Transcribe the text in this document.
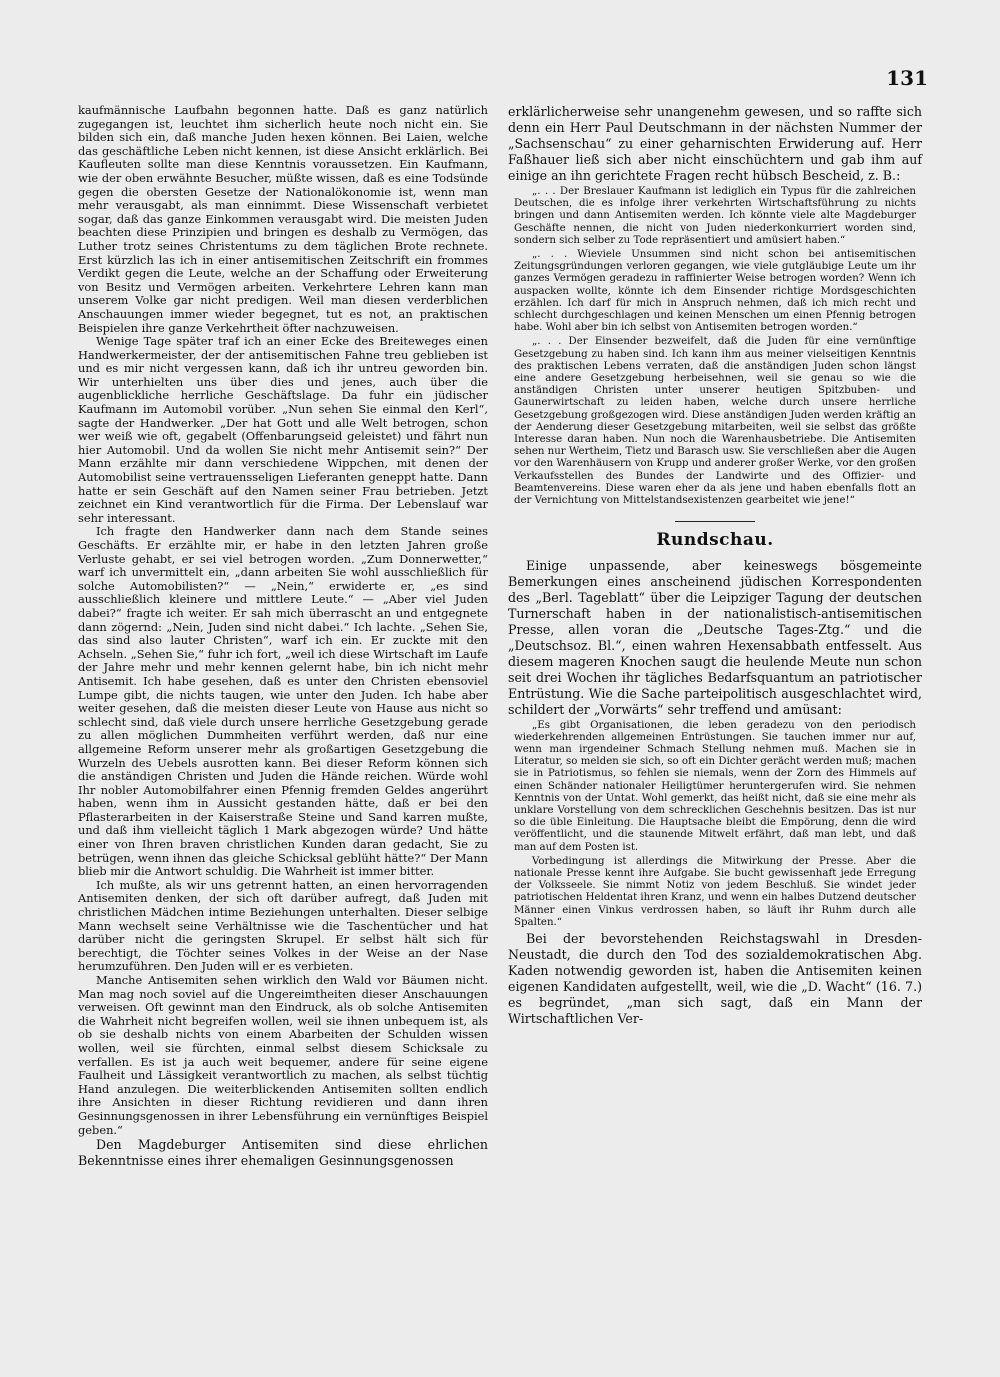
131

kaufmännische Laufbahn begonnen hatte. Daß es ganz natürlich zugegangen ist, leuchtet ihm sicherlich heute noch nicht ein. Sie bilden sich ein, daß manche Juden hexen können. Bei Laien, welche das geschäftliche Leben nicht kennen, ist diese Ansicht erklärlich. Bei Kaufleuten sollte man diese Kenntnis voraussetzen. Ein Kaufmann, wie der oben erwähnte Besucher, müßte wissen, daß es eine Todsünde gegen die obersten Gesetze der Nationalökonomie ist, wenn man mehr verausgabt, als man einnimmt. Diese Wissenschaft verbietet sogar, daß das ganze Einkommen verausgabt wird. Die meisten Juden beachten diese Prinzipien und bringen es deshalb zu Vermögen, das Luther trotz seines Christentums zu dem täglichen Brote rechnete. Erst kürzlich las ich in einer antisemitischen Zeitschrift ein frommes Verdikt gegen die Leute, welche an der Schaffung oder Erweiterung von Besitz und Vermögen arbeiten. Verkehrtere Lehren kann man unserem Volke gar nicht predigen. Weil man diesen verderblichen Anschauungen immer wieder begegnet, tut es not, an praktischen Beispielen ihre ganze Verkehrtheit öfter nachzuweisen.

Wenige Tage später traf ich an einer Ecke des Breiteweges einen Handwerkermeister, der der antisemitischen Fahne treu geblieben ist und es mir nicht vergessen kann, daß ich ihr untreu geworden bin. Wir unterhielten uns über dies und jenes, auch über die augenblickliche herrliche Geschäftslage. Da fuhr ein jüdischer Kaufmann im Automobil vorüber. „Nun sehen Sie einmal den Kerl“, sagte der Handwerker. „Der hat Gott und alle Welt betrogen, schon wer weiß wie oft, gegabelt (Offenbarungseid geleistet) und fährt nun hier Automobil. Und da wollen Sie nicht mehr Antisemit sein?“ Der Mann erzählte mir dann verschiedene Wippchen, mit denen der Automobilist seine vertrauensseligen Lieferanten geneppt hatte. Dann hatte er sein Geschäft auf den Namen seiner Frau betrieben. Jetzt zeichnet ein Kind verantwortlich für die Firma. Der Lebenslauf war sehr interessant.

Ich fragte den Handwerker dann nach dem Stande seines Geschäfts. Er erzählte mir, er habe in den letzten Jahren große Verluste gehabt, er sei viel betrogen worden. „Zum Donnerwetter,“ warf ich unvermittelt ein, „dann arbeiten Sie wohl ausschließlich für solche Automobilisten?“ — „Nein,“ erwiderte er, „es sind ausschließlich kleinere und mittlere Leute.“ — „Aber viel Juden dabei?“ fragte ich weiter. Er sah mich überrascht an und entgegnete dann zögernd: „Nein, Juden sind nicht dabei.“ Ich lachte. „Sehen Sie, das sind also lauter Christen“, warf ich ein. Er zuckte mit den Achseln. „Sehen Sie,“ fuhr ich fort, „weil ich diese Wirtschaft im Laufe der Jahre mehr und mehr kennen gelernt habe, bin ich nicht mehr Antisemit. Ich habe gesehen, daß es unter den Christen ebensoviel Lumpe gibt, die nichts taugen, wie unter den Juden. Ich habe aber weiter gesehen, daß die meisten dieser Leute von Hause aus nicht so schlecht sind, daß viele durch unsere herrliche Gesetzgebung gerade zu allen möglichen Dummheiten verführt werden, daß nur eine allgemeine Reform unserer mehr als großartigen Gesetzgebung die Wurzeln des Uebels ausrotten kann. Bei dieser Reform können sich die anständigen Christen und Juden die Hände reichen. Würde wohl Ihr nobler Automobilfahrer einen Pfennig fremden Geldes angerührt haben, wenn ihm in Aussicht gestanden hätte, daß er bei den Pflasterarbeiten in der Kaiserstraße Steine und Sand karren mußte, und daß ihm vielleicht täglich 1 Mark abgezogen würde? Und hätte einer von Ihren braven christlichen Kunden daran gedacht, Sie zu betrügen, wenn ihnen das gleiche Schicksal geblüht hätte?“ Der Mann blieb mir die Antwort schuldig. Die Wahrheit ist immer bitter.

Ich mußte, als wir uns getrennt hatten, an einen hervorragenden Antisemiten denken, der sich oft darüber aufregt, daß Juden mit christlichen Mädchen intime Beziehungen unterhalten. Dieser selbige Mann wechselt seine Verhältnisse wie die Taschentücher und hat darüber nicht die geringsten Skrupel. Er selbst hält sich für berechtigt, die Töchter seines Volkes in der Weise an der Nase herumzuführen. Den Juden will er es verbieten.

Manche Antisemiten sehen wirklich den Wald vor Bäumen nicht. Man mag noch soviel auf die Ungereimtheiten dieser Anschauungen verweisen. Oft gewinnt man den Eindruck, als ob solche Antisemiten die Wahrheit nicht begreifen wollen, weil sie ihnen unbequem ist, als ob sie deshalb nichts von einem Abarbeiten der Schulden wissen wollen, weil sie fürchten, einmal selbst diesem Schicksale zu verfallen. Es ist ja auch weit bequemer, andere für seine eigene Faulheit und Lässigkeit verantwortlich zu machen, als selbst tüchtig Hand anzulegen. Die weiterblickenden Antisemiten sollten endlich ihre Ansichten in dieser Richtung revidieren und dann ihren Gesinnungsgenossen in ihrer Lebensführung ein vernünftiges Beispiel geben.“

Den Magdeburger Antisemiten sind diese ehrlichen Bekenntnisse eines ihrer ehemaligen Gesinnungsgenossen

erklärlicherweise sehr unangenehm gewesen, und so raffte sich denn ein Herr Paul Deutschmann in der nächsten Nummer der „Sachsenschau“ zu einer geharnischten Erwiderung auf. Herr Faßhauer ließ sich aber nicht einschüchtern und gab ihm auf einige an ihn gerichtete Fragen recht hübsch Bescheid, z. B.:

„. . . Der Breslauer Kaufmann ist lediglich ein Typus für die zahlreichen Deutschen, die es infolge ihrer verkehrten Wirtschaftsführung zu nichts bringen und dann Antisemiten werden. Ich könnte viele alte Magdeburger Geschäfte nennen, die nicht von Juden niederkonkurriert worden sind, sondern sich selber zu Tode repräsentiert und amüsiert haben.“

„. . . Wieviele Unsummen sind nicht schon bei antisemitischen Zeitungsgründungen verloren gegangen, wie viele gutgläubige Leute um ihr ganzes Vermögen geradezu in raffinierter Weise betrogen worden? Wenn ich auspacken wollte, könnte ich dem Einsender richtige Mordsgeschichten erzählen. Ich darf für mich in Anspruch nehmen, daß ich mich recht und schlecht durchgeschlagen und keinen Menschen um einen Pfennig betrogen habe. Wohl aber bin ich selbst von Antisemiten betrogen worden.“

„. . . Der Einsender bezweifelt, daß die Juden für eine vernünftige Gesetzgebung zu haben sind. Ich kann ihm aus meiner vielseitigen Kenntnis des praktischen Lebens verraten, daß die anständigen Juden schon längst eine andere Gesetzgebung herbeisehnen, weil sie genau so wie die anständigen Christen unter unserer heutigen Spitzbuben- und Gaunerwirtschaft zu leiden haben, welche durch unsere herrliche Gesetzgebung großgezogen wird. Diese anständigen Juden werden kräftig an der Aenderung dieser Gesetzgebung mitarbeiten, weil sie selbst das größte Interesse daran haben. Nun noch die Warenhausbetriebe. Die Antisemiten sehen nur Wertheim, Tietz und Barasch usw. Sie verschließen aber die Augen vor den Warenhäusern von Krupp und anderer großer Werke, vor den großen Verkaufsstellen des Bundes der Landwirte und des Offizier- und Beamtenvereins. Diese waren eher da als jene und haben ebenfalls flott an der Vernichtung von Mittelstandsexistenzen gearbeitet wie jene!“

Rundschau.

Einige unpassende, aber keineswegs bösgemeinte Bemerkungen eines anscheinend jüdischen Korrespondenten des „Berl. Tageblatt“ über die Leipziger Tagung der deutschen Turnerschaft haben in der nationalistisch-antisemitischen Presse, allen voran die „Deutsche Tages-Ztg.“ und die „Deutschsoz. Bl.“, einen wahren Hexensabbath entfesselt. Aus diesem mageren Knochen saugt die heulende Meute nun schon seit drei Wochen ihr tägliches Bedarfsquantum an patriotischer Entrüstung. Wie die Sache parteipolitisch ausgeschlachtet wird, schildert der „Vorwärts“ sehr treffend und amüsant:

„Es gibt Organisationen, die leben geradezu von den periodisch wiederkehrenden allgemeinen Entrüstungen. Sie tauchen immer nur auf, wenn man irgendeiner Schmach Stellung nehmen muß. Machen sie in Literatur, so melden sie sich, so oft ein Dichter gerächt werden muß; machen sie in Patriotismus, so fehlen sie niemals, wenn der Zorn des Himmels auf einen Schänder nationaler Heiligtümer heruntergerufen wird. Sie nehmen Kenntnis von der Untat. Wohl gemerkt, das heißt nicht, daß sie eine mehr als unklare Vorstellung von dem schrecklichen Geschehnis besitzen. Das ist nur so die üble Einleitung. Die Hauptsache bleibt die Empörung, denn die wird veröffentlicht, und die staunende Mitwelt erfährt, daß man lebt, und daß man auf dem Posten ist.

Vorbedingung ist allerdings die Mitwirkung der Presse. Aber die nationale Presse kennt ihre Aufgabe. Sie bucht gewissenhaft jede Erregung der Volksseele. Sie nimmt Notiz von jedem Beschluß. Sie windet jeder patriotischen Heldentat ihren Kranz, und wenn ein halbes Dutzend deutscher Männer einen Vinkus verdrossen haben, so läuft ihr Ruhm durch alle Spalten.“

Bei der bevorstehenden Reichstagswahl in Dresden-Neustadt, die durch den Tod des sozialdemokratischen Abg. Kaden notwendig geworden ist, haben die Antisemiten keinen eigenen Kandidaten aufgestellt, weil, wie die „D. Wacht“ (16. 7.) es begründet, „man sich sagt, daß ein Mann der Wirtschaftlichen Ver-
